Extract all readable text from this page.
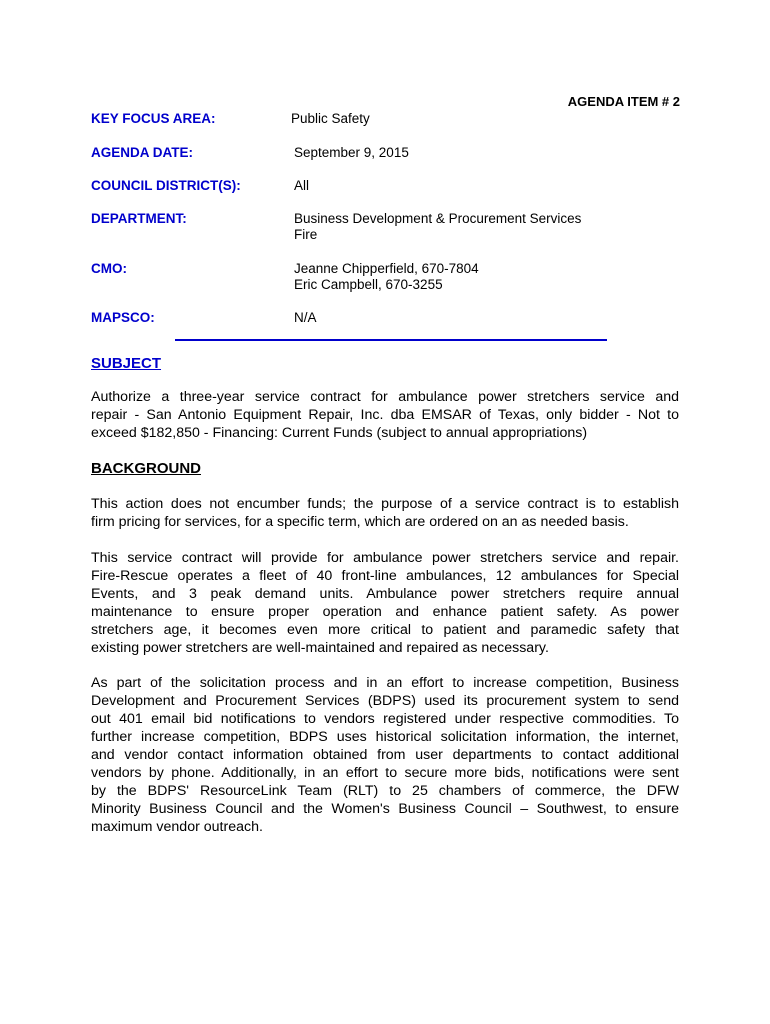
AGENDA ITEM # 2
KEY FOCUS AREA:	Public Safety
AGENDA DATE:	September 9, 2015
COUNCIL DISTRICT(S):	All
DEPARTMENT:	Business Development & Procurement Services
Fire
CMO:	Jeanne Chipperfield, 670-7804
Eric Campbell, 670-3255
MAPSCO:	N/A
SUBJECT
Authorize a three-year service contract for ambulance power stretchers service and
repair - San Antonio Equipment Repair, Inc. dba EMSAR of Texas, only bidder - Not to
exceed $182,850 - Financing: Current Funds (subject to annual appropriations)
BACKGROUND
This action does not encumber funds; the purpose of a service contract is to establish
firm pricing for services, for a specific term, which are ordered on an as needed basis.
This service contract will provide for ambulance power stretchers service and repair.
Fire-Rescue operates a fleet of 40 front-line ambulances, 12 ambulances for Special
Events, and 3 peak demand units. Ambulance power stretchers require annual
maintenance to ensure proper operation and enhance patient safety. As power
stretchers age, it becomes even more critical to patient and paramedic safety that
existing power stretchers are well-maintained and repaired as necessary.
As part of the solicitation process and in an effort to increase competition, Business
Development and Procurement Services (BDPS) used its procurement system to send
out 401 email bid notifications to vendors registered under respective commodities. To
further increase competition, BDPS uses historical solicitation information, the internet,
and vendor contact information obtained from user departments to contact additional
vendors by phone. Additionally, in an effort to secure more bids, notifications were sent
by the BDPS' ResourceLink Team (RLT) to 25 chambers of commerce, the DFW
Minority Business Council and the Women's Business Council – Southwest, to ensure
maximum vendor outreach.
